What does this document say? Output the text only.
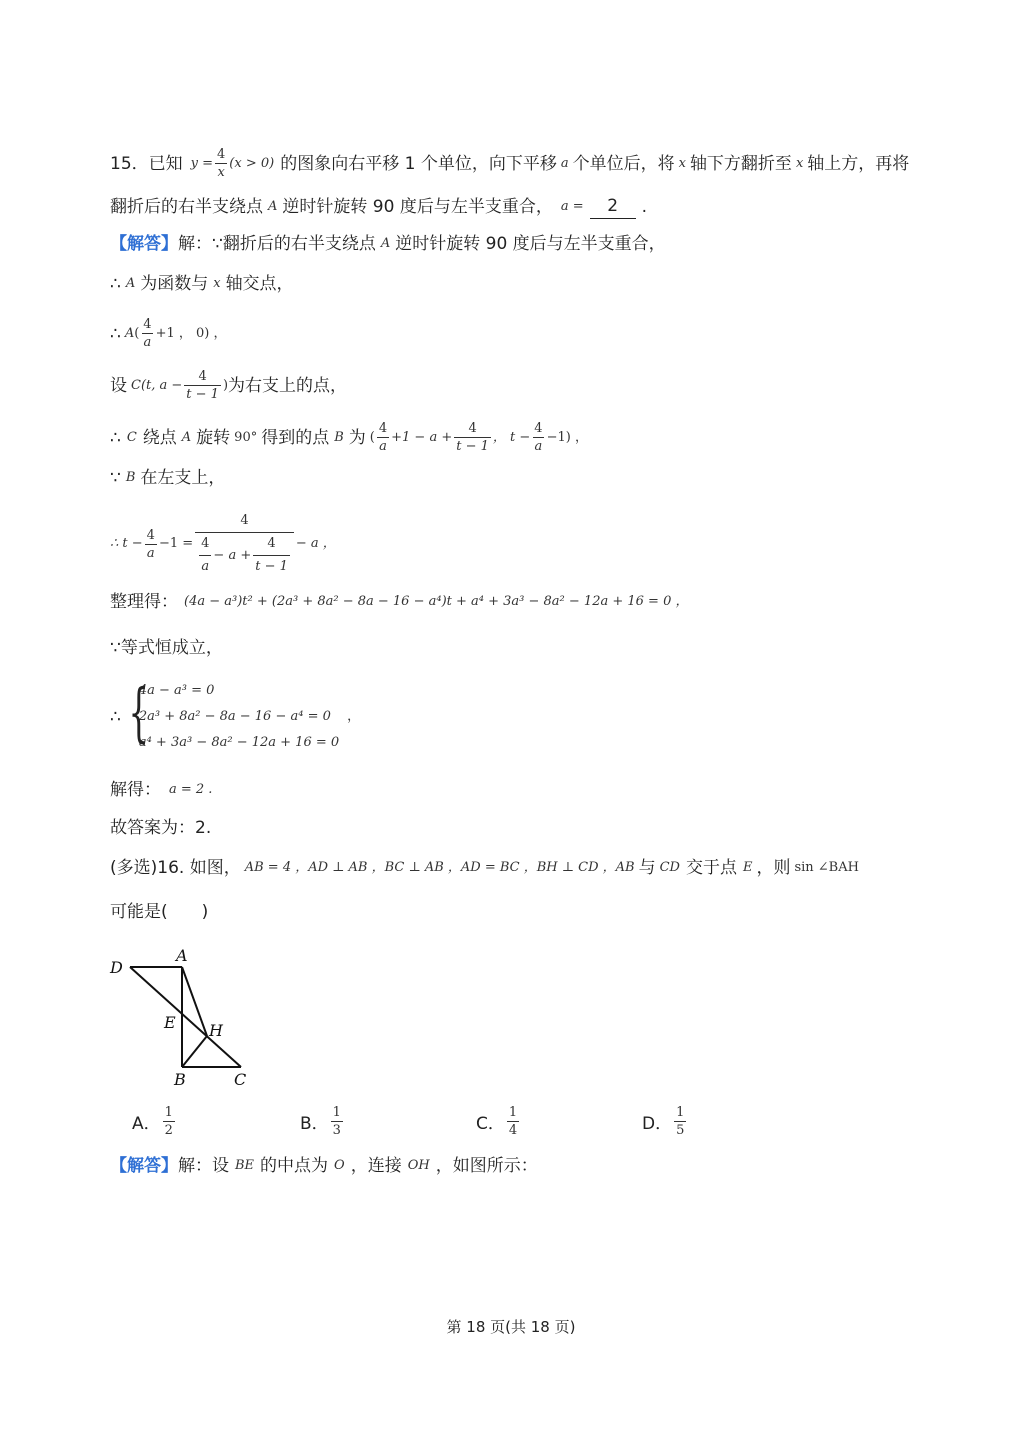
15．已知 $y = \frac{4}{x} (x > 0)$ 的图象向右平移 1 个单位，向下平移 a 个单位后，将 x 轴下方翻折至 x 轴上方，再将
翻折后的右半支绕点 A 逆时针旋转 90 度后与左半支重合， a =	2	.
【解答】 解：∵翻折后的右半支绕点 A 逆时针旋转 90 度后与左半支重合，
∴ A 为函数与 x 轴交点，
∴ A ( $\frac{4}{a} +1$ ， 0) ，
设 C (t, $a - \frac{4}{t - 1}$ ) 为右支上的点，
∴ C 绕点 A 旋转 90° 得到的点 B 为 ( $\frac{4}{a} +1 - a + \frac{4}{t - 1}$ ， $t - \frac{4}{a} -1$) ，
∵ B 在左支上，
∴ $t - \frac{4}{a} -1 = \frac{4}{\frac{4}{a} - a + \frac{4}{t - 1}} - a$ ，
整理得： (4a − a³)t² + (2a³ + 8a² − 8a − 16 − a⁴)t + a⁴ + 3a³ − 8a² − 12a + 16 = 0 ，
∵等式恒成立，
∴ {
4a − a³ = 0
2a³ + 8a² − 8a − 16 − a⁴ = 0
a⁴ + 3a³ − 8a² − 12a + 16 = 0
，
解得： a = 2 .
故答案为：2.
(多选)16. 如图， AB = 4 ，AD ⊥ AB ，BC ⊥ AB ，AD = BC ，BH ⊥ CD ，AB 与 CD 交于点 E ，则 sin ∠BAH
可能是(　　)
D
A
E H
B	C
A． $\frac{1}{2}$	B． $\frac{1}{3}$	C． $\frac{1}{4}$	D． $\frac{1}{5}$
【解答】 解：设 BE 的中点为 O ，连接 OH ，如图所示：
第 18 页(共 18 页)
